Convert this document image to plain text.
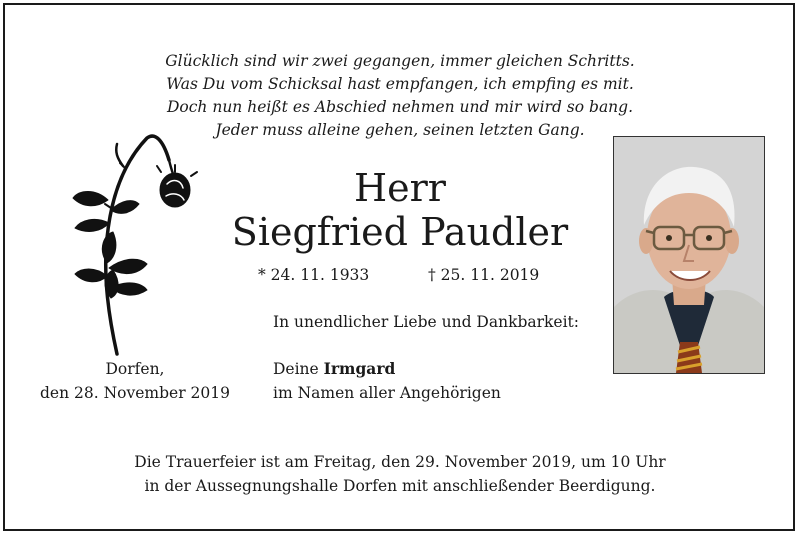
Glücklich sind wir zwei gegangen, immer gleichen Schritts.
Was Du vom Schicksal hast empfangen, ich empfing es mit.
Doch nun heißt es Abschied nehmen und mir wird so bang.
Jeder muss alleine gehen, seinen letzten Gang.
Herr
Siegfried Paudler
* 24. 11. 1933	† 25. 11. 2019
In unendlicher Liebe und Dankbarkeit:
Dorfen,
den 28. November 2019
Deine Irmgard
im Namen aller Angehörigen
Die Trauerfeier ist am Freitag, den 29. November 2019, um 10 Uhr
in der Aussegnungshalle Dorfen mit anschließender Beerdigung.
